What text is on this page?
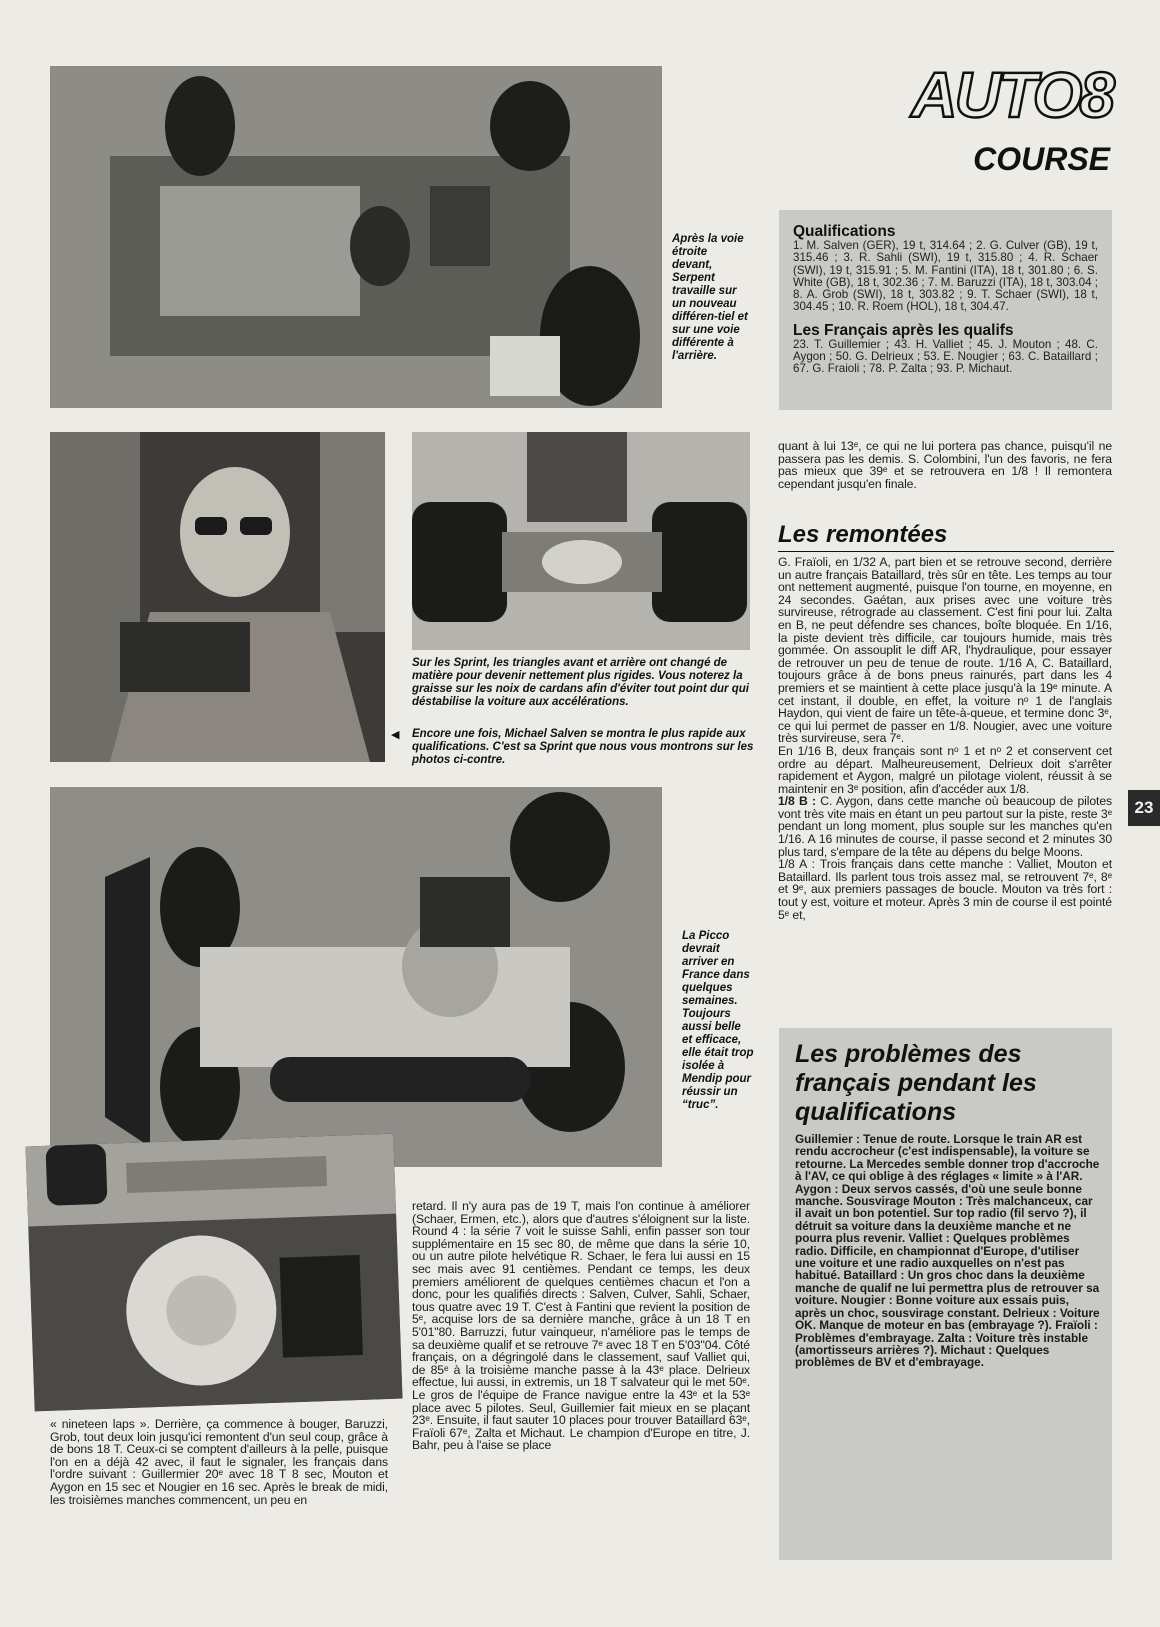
AUTO8
COURSE
Après la voie étroite devant, Serpent travaille sur un nouveau différen-tiel et sur une voie différente à l'arrière.
Sur les Sprint, les triangles avant et arrière ont changé de matière pour devenir nettement plus rigides. Vous noterez la graisse sur les noix de cardans afin d'éviter tout point dur qui déstabilise la voiture aux accélérations.
◀ Encore une fois, Michael Salven se montra le plus rapide aux qualifications. C'est sa Sprint que nous vous montrons sur les photos ci-contre.
Qualifications

1. M. Salven (GER), 19 t, 314.64 ; 2. G. Culver (GB), 19 t, 315.46 ; 3. R. Sahli (SWI), 19 t, 315.80 ; 4. R. Schaer (SWI), 19 t, 315.91 ; 5. M. Fantini (ITA), 18 t, 301.80 ; 6. S. White (GB), 18 t, 302.36 ; 7. M. Baruzzi (ITA), 18 t, 303.04 ; 8. A. Grob (SWI), 18 t, 303.82 ; 9. T. Schaer (SWI), 18 t, 304.45 ; 10. R. Roem (HOL), 18 t, 304.47.

Les Français après les qualifs

23. T. Guillemier ; 43. H. Valliet ; 45. J. Mouton ; 48. C. Aygon ; 50. G. Delrieux ; 53. E. Nougier ; 63. C. Bataillard ; 67. G. Fraioli ; 78. P. Zalta ; 93. P. Michaut.

quant à lui 13ᵉ, ce qui ne lui portera pas chance, puisqu'il ne passera pas les demis. S. Colombini, l'un des favoris, ne fera pas mieux que 39ᵉ et se retrouvera en 1/8 ! Il remontera cependant jusqu'en finale.

Les remontées

G. Fraïoli, en 1/32 A, part bien et se retrouve second, derrière un autre français Bataillard, très sûr en tête. Les temps au tour ont nettement augmenté, puisque l'on tourne, en moyenne, en 24 secondes. Gaétan, aux prises avec une voiture très survireuse, rétrograde au classement. C'est fini pour lui. Zalta en B, ne peut défendre ses chances, boîte bloquée. En 1/16, la piste devient très difficile, car toujours humide, mais très gommée. On assouplit le diff AR, l'hydraulique, pour essayer de retrouver un peu de tenue de route. 1/16 A, C. Bataillard, toujours grâce à de bons pneus rainurés, part dans les 4 premiers et se maintient à cette place jusqu'à la 19ᵉ minute. A cet instant, il double, en effet, la voiture nᵒ 1 de l'anglais Haydon, qui vient de faire un tête-à-queue, et termine donc 3ᵉ, ce qui lui permet de passer en 1/8. Nougier, avec une voiture très survireuse, sera 7ᵉ.

En 1/16 B, deux français sont nᵒ 1 et nᵒ 2 et conservent cet ordre au départ. Malheureusement, Delrieux doit s'arrêter rapidement et Aygon, malgré un pilotage violent, réussit à se maintenir en 3ᵉ position, afin d'accéder aux 1/8.

1/8 B : C. Aygon, dans cette manche où beaucoup de pilotes vont très vite mais en étant un peu partout sur la piste, reste 3ᵉ pendant un long moment, plus souple sur les manches qu'en 1/16. A 16 minutes de course, il passe second et 2 minutes 30 plus tard, s'empare de la tête au dépens du belge Moons.

1/8 A : Trois français dans cette manche : Valliet, Mouton et Bataillard. Ils parlent tous trois assez mal, se retrouvent 7ᵉ, 8ᵉ et 9ᵉ, aux premiers passages de boucle. Mouton va très fort : tout y est, voiture et moteur. Après 3 min de course il est pointé 5ᵉ et,

23
La Picco devrait arriver en France dans quelques semaines. Toujours aussi belle et efficace, elle était trop isolée à Mendip pour réussir un “truc”.

« nineteen laps ». Derrière, ça commence à bouger, Baruzzi, Grob, tout deux loin jusqu'ici remontent d'un seul coup, grâce à de bons 18 T. Ceux-ci se comptent d'ailleurs à la pelle, puisque l'on en a déjà 42 avec, il faut le signaler, les français dans l'ordre suivant : Guillermier 20ᵉ avec 18 T 8 sec, Mouton et Aygon en 15 sec et Nougier en 16 sec. Après le break de midi, les troisièmes manches commencent, un peu en

retard. Il n'y aura pas de 19 T, mais l'on continue à améliorer (Schaer, Ermen, etc.), alors que d'autres s'éloignent sur la liste. Round 4 : la série 7 voit le suisse Sahli, enfin passer son tour supplémentaire en 15 sec 80, de même que dans la série 10, ou un autre pilote helvétique R. Schaer, le fera lui aussi en 15 sec mais avec 91 centièmes. Pendant ce temps, les deux premiers améliorent de quelques centièmes chacun et l'on a donc, pour les qualifiés directs : Salven, Culver, Sahli, Schaer, tous quatre avec 19 T. C'est à Fantini que revient la position de 5ᵉ, acquise lors de sa dernière manche, grâce à un 18 T en 5'01"80. Barruzzi, futur vainqueur, n'améliore pas le temps de sa deuxième qualif et se retrouve 7ᵉ avec 18 T en 5'03"04. Côté français, on a dégringolé dans le classement, sauf Valliet qui, de 85ᵉ à la troisième manche passe à la 43ᵉ place. Delrieux effectue, lui aussi, in extremis, un 18 T salvateur qui le met 50ᵉ. Le gros de l'équipe de France navigue entre la 43ᵉ et la 53ᵉ place avec 5 pilotes. Seul, Guillemier fait mieux en se plaçant 23ᵉ. Ensuite, il faut sauter 10 places pour trouver Bataillard 63ᵉ, Fraïoli 67ᵉ, Zalta et Michaut. Le champion d'Europe en titre, J. Bahr, peu à l'aise se place

Les problèmes des français pendant les qualifications
Guillemier : Tenue de route. Lorsque le train AR est rendu accrocheur (c'est indispensable), la voiture se retourne. La Mercedes semble donner trop d'accroche à l'AV, ce qui oblige à des réglages « limite » à l'AR. Aygon : Deux servos cassés, d'où une seule bonne manche. Sousvirage Mouton : Très malchanceux, car il avait un bon potentiel. Sur top radio (fil servo ?), il détruit sa voiture dans la deuxième manche et ne pourra plus revenir. Valliet : Quelques problèmes radio. Difficile, en championnat d'Europe, d'utiliser une voiture et une radio auxquelles on n'est pas habitué. Bataillard : Un gros choc dans la deuxième manche de qualif ne lui permettra plus de retrouver sa voiture. Nougier : Bonne voiture aux essais puis, après un choc, sousvirage constant. Delrieux : Voiture OK. Manque de moteur en bas (embrayage ?). Fraïoli : Problèmes d'embrayage. Zalta : Voiture très instable (amortisseurs arrières ?). Michaut : Quelques problèmes de BV et d'embrayage.
